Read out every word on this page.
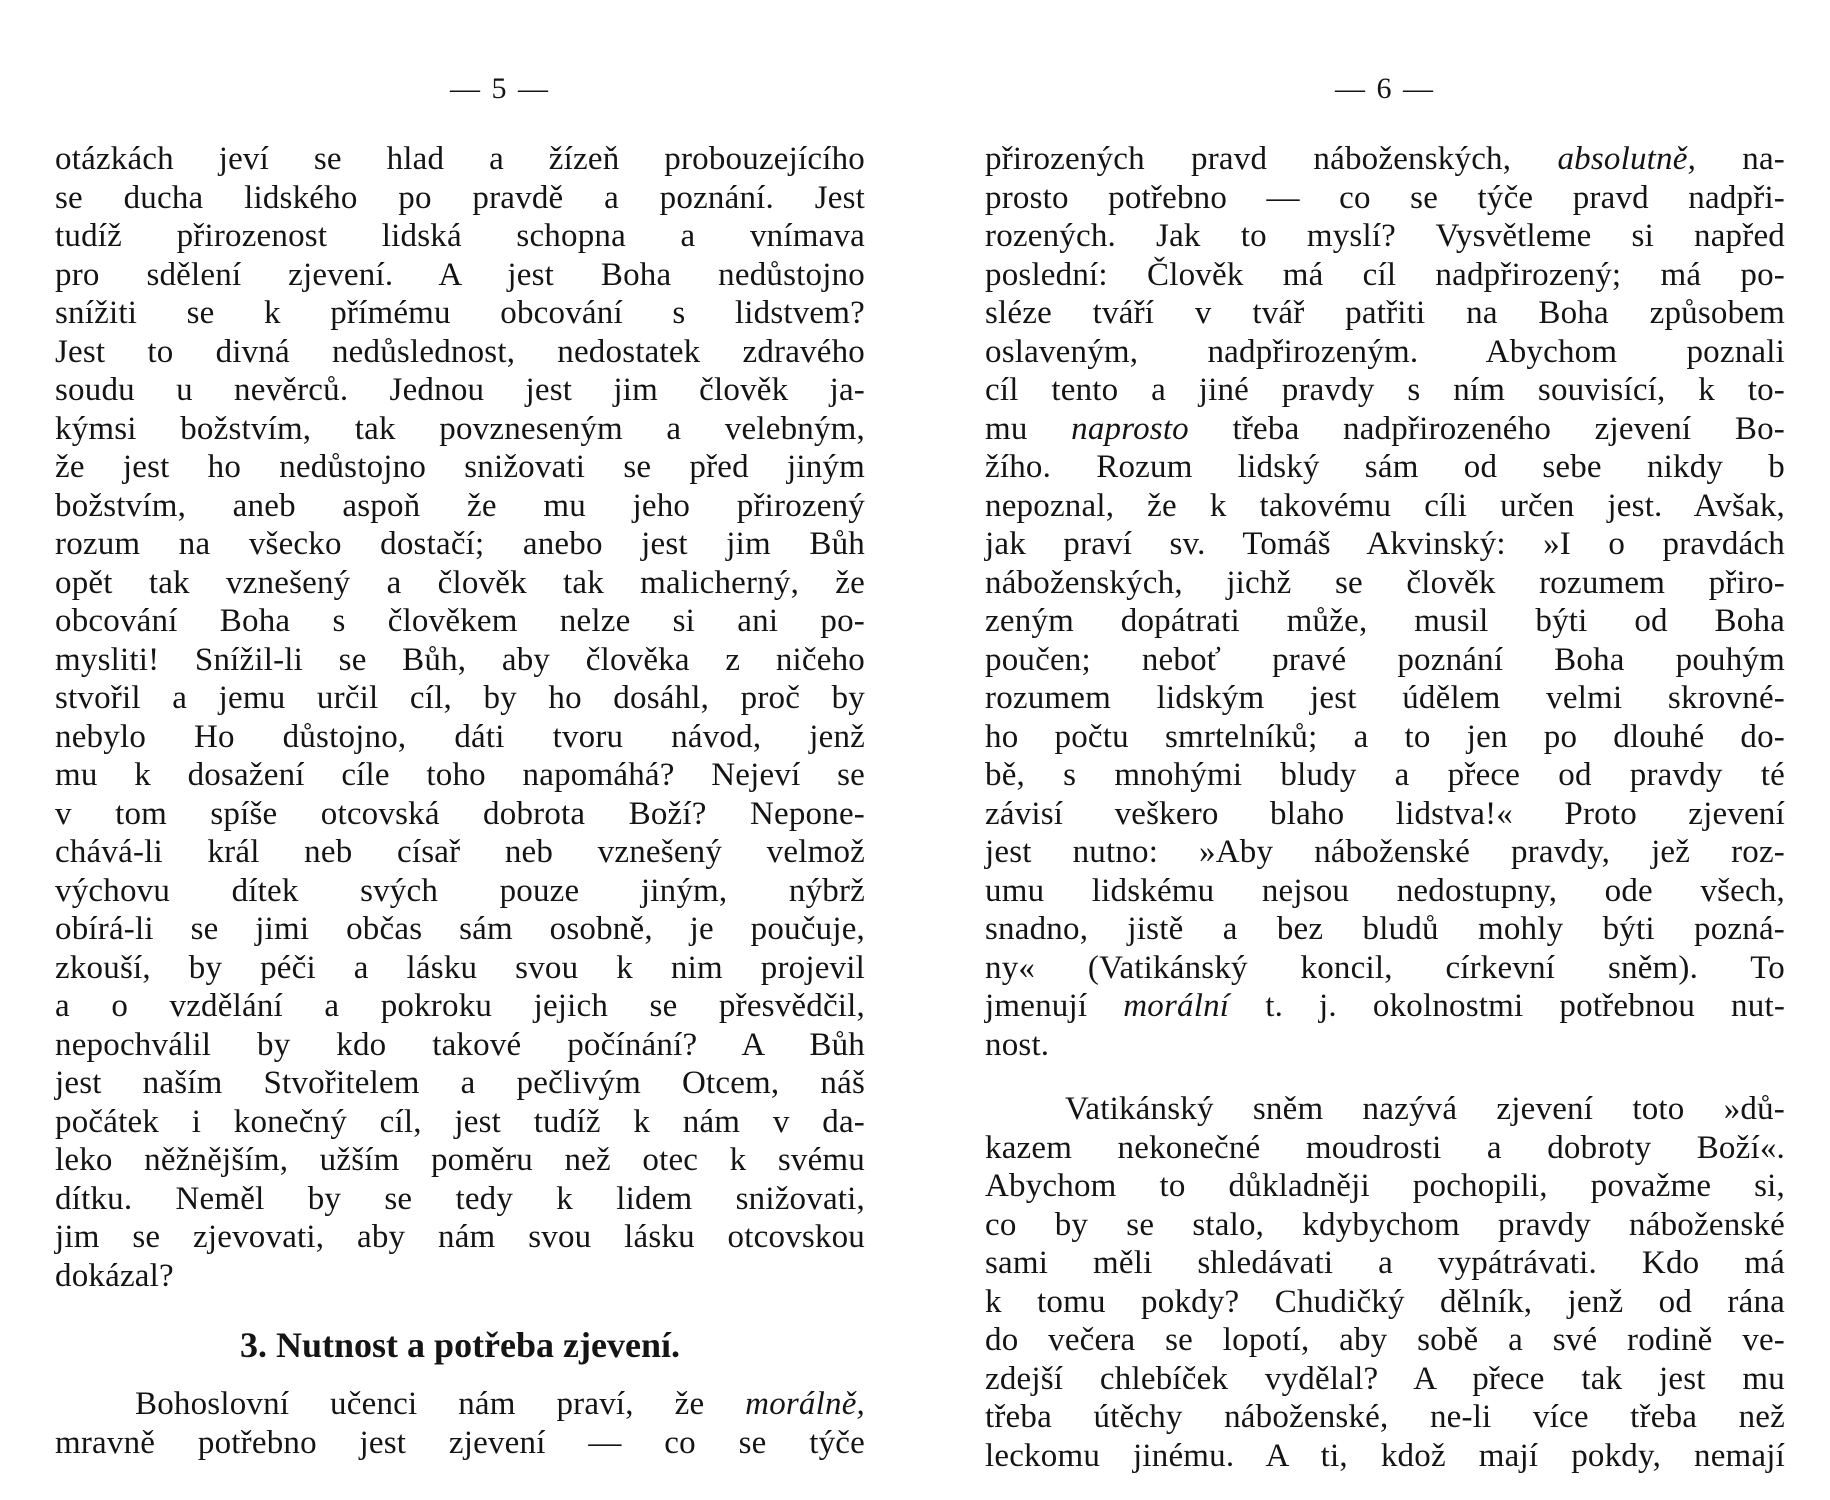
— 5 —
otázkách jeví se hlad a žízeň probouzejícího
se ducha lidského po pravdě a poznání. Jest
tudíž přirozenost lidská schopna a vnímava
pro sdělení zjevení. A jest Boha nedůstojno
snížiti se k přímému obcování s lidstvem?
Jest to divná nedůslednost, nedostatek zdravého
soudu u nevěrců. Jednou jest jim člověk ja-
kýmsi božstvím, tak povzneseným a velebným,
že jest ho nedůstojno snižovati se před jiným
božstvím, aneb aspoň že mu jeho přirozený
rozum na všecko dostačí; anebo jest jim Bůh
opět tak vznešený a člověk tak malicherný, že
obcování Boha s člověkem nelze si ani po-
mysliti! Snížil-li se Bůh, aby člověka z ničeho
stvořil a jemu určil cíl, by ho dosáhl, proč by
nebylo Ho důstojno, dáti tvoru návod, jenž
mu k dosažení cíle toho napomáhá? Nejeví se
v tom spíše otcovská dobrota Boží? Nepone-
chává-li král neb císař neb vznešený velmož
výchovu dítek svých pouze jiným, nýbrž
obírá-li se jimi občas sám osobně, je poučuje,
zkouší, by péči a lásku svou k nim projevil
a o vzdělání a pokroku jejich se přesvědčil,
nepochválil by kdo takové počínání? A Bůh
jest naším Stvořitelem a pečlivým Otcem, náš
počátek i konečný cíl, jest tudíž k nám v da-
leko něžnějším, užším poměru než otec k svému
dítku. Neměl by se tedy k lidem snižovati,
jim se zjevovati, aby nám svou lásku otcovskou
dokázal?
3. Nutnost a potřeba zjevení.
Bohoslovní učenci nám praví, že morálně,
mravně potřebno jest zjevení — co se týče
— 6 —
přirozených pravd náboženských, absolutně, na-
prosto potřebno — co se týče pravd nadpři-
rozených. Jak to myslí? Vysvětleme si napřed
poslední: Člověk má cíl nadpřirozený; má po-
sléze tváří v tvář patřiti na Boha způsobem
oslaveným, nadpřirozeným. Abychom poznali
cíl tento a jiné pravdy s ním souvisící, k to-
mu naprosto třeba nadpřirozeného zjevení Bo-
žího. Rozum lidský sám od sebe nikdy b
nepoznal, že k takovému cíli určen jest. Avšak,
jak praví sv. Tomáš Akvinský: »I o pravdách
náboženských, jichž se člověk rozumem přiro-
zeným dopátrati může, musil býti od Boha
poučen; neboť pravé poznání Boha pouhým
rozumem lidským jest údělem velmi skrovné-
ho počtu smrtelníků; a to jen po dlouhé do-
bě, s mnohými bludy a přece od pravdy té
závisí veškero blaho lidstva!« Proto zjevení
jest nutno: »Aby náboženské pravdy, jež roz-
umu lidskému nejsou nedostupny, ode všech,
snadno, jistě a bez bludů mohly býti pozná-
ny« (Vatikánský koncil, církevní sněm). To
jmenují morální t. j. okolnostmi potřebnou nut-
nost.
Vatikánský sněm nazývá zjevení toto »dů-
kazem nekonečné moudrosti a dobroty Boží«.
Abychom to důkladněji pochopili, považme si,
co by se stalo, kdybychom pravdy náboženské
sami měli shledávati a vypátrávati. Kdo má
k tomu pokdy? Chudičký dělník, jenž od rána
do večera se lopotí, aby sobě a své rodině ve-
zdejší chlebíček vydělal? A přece tak jest mu
třeba útěchy náboženské, ne-li více třeba než
leckomu jinému. A ti, kdož mají pokdy, nemají
